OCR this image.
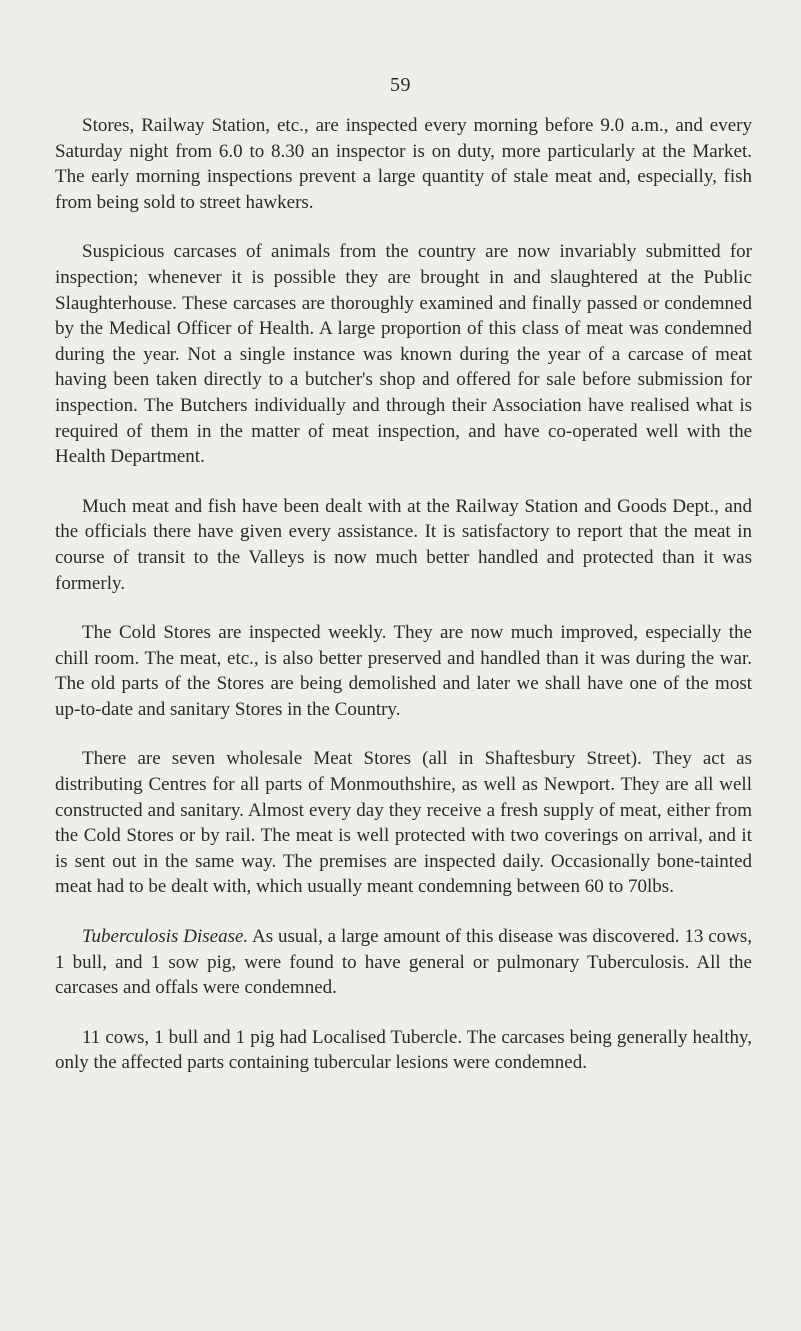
59

Stores, Railway Station, etc., are inspected every morning before 9.0 a.m., and every Saturday night from 6.0 to 8.30 an inspector is on duty, more particularly at the Market. The early morning inspections prevent a large quantity of stale meat and, especially, fish from being sold to street hawkers.

Suspicious carcases of animals from the country are now invariably submitted for inspection; whenever it is possible they are brought in and slaughtered at the Public Slaughterhouse. These carcases are thoroughly examined and finally passed or condemned by the Medical Officer of Health. A large proportion of this class of meat was condemned during the year. Not a single instance was known during the year of a carcase of meat having been taken directly to a butcher's shop and offered for sale before submission for inspection. The Butchers individually and through their Association have realised what is required of them in the matter of meat inspection, and have co-operated well with the Health Department.

Much meat and fish have been dealt with at the Railway Station and Goods Dept., and the officials there have given every assistance. It is satisfactory to report that the meat in course of transit to the Valleys is now much better handled and protected than it was formerly.

The Cold Stores are inspected weekly. They are now much improved, especially the chill room. The meat, etc., is also better preserved and handled than it was during the war. The old parts of the Stores are being demolished and later we shall have one of the most up-to-date and sanitary Stores in the Country.

There are seven wholesale Meat Stores (all in Shaftesbury Street). They act as distributing Centres for all parts of Monmouthshire, as well as Newport. They are all well constructed and sanitary. Almost every day they receive a fresh supply of meat, either from the Cold Stores or by rail. The meat is well protected with two coverings on arrival, and it is sent out in the same way. The premises are inspected daily. Occasionally bone-tainted meat had to be dealt with, which usually meant condemning between 60 to 70lbs.

Tuberculosis Disease. As usual, a large amount of this disease was discovered. 13 cows, 1 bull, and 1 sow pig, were found to have general or pulmonary Tuberculosis. All the carcases and offals were condemned.

11 cows, 1 bull and 1 pig had Localised Tubercle. The carcases being generally healthy, only the affected parts containing tubercular lesions were condemned.
